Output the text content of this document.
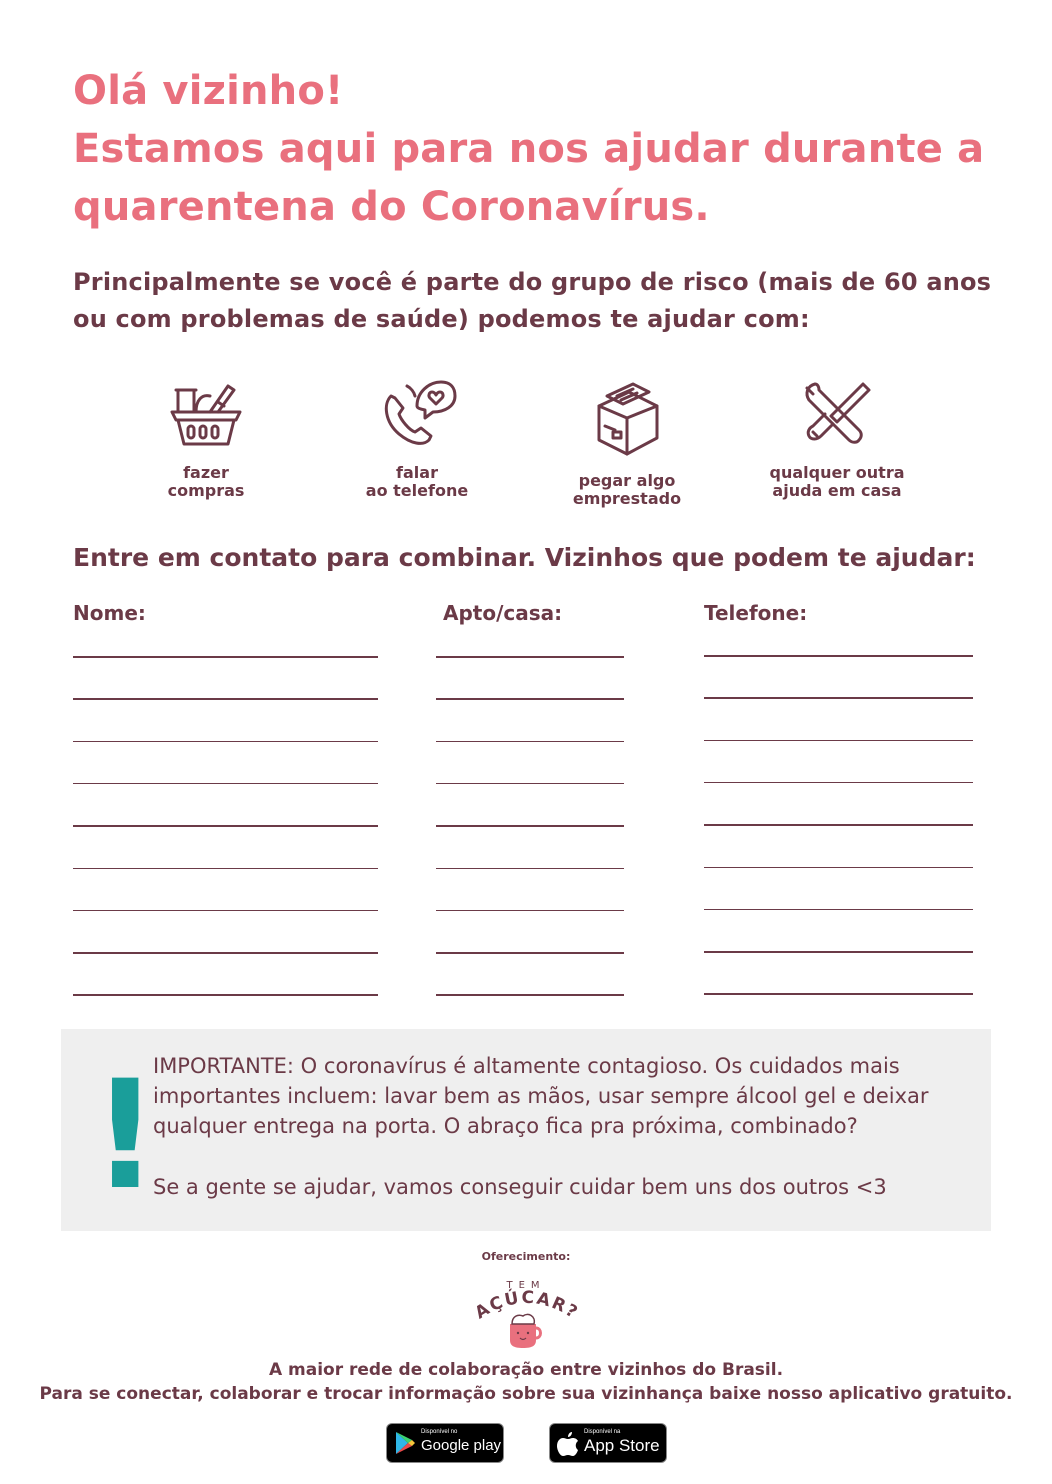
Olá vizinho!
Estamos aqui para nos ajudar durante a
quarentena do Coronavírus.
Principalmente se você é parte do grupo de risco (mais de 60 anos ou com problemas de saúde) podemos te ajudar com:
fazer
compras
falar
ao telefone
pegar algo
emprestado
qualquer outra
ajuda em casa
Entre em contato para combinar. Vizinhos que podem te ajudar:
Nome:	Apto/casa:	Telefone:
!

IMPORTANTE: O coronavírus é altamente contagioso. Os cuidados mais importantes incluem: lavar bem as mãos, usar sempre álcool gel e deixar qualquer entrega na porta. O abraço fica pra próxima, combinado?

Se a gente se ajudar, vamos conseguir cuidar bem uns dos outros <3

Oferecimento:
TEM
AÇÚCAR?
A maior rede de colaboração entre vizinhos do Brasil.
Para se conectar, colaborar e trocar informação sobre sua vizinhança baixe nosso aplicativo gratuito.
Disponível no
Google play
Disponível na
App Store
